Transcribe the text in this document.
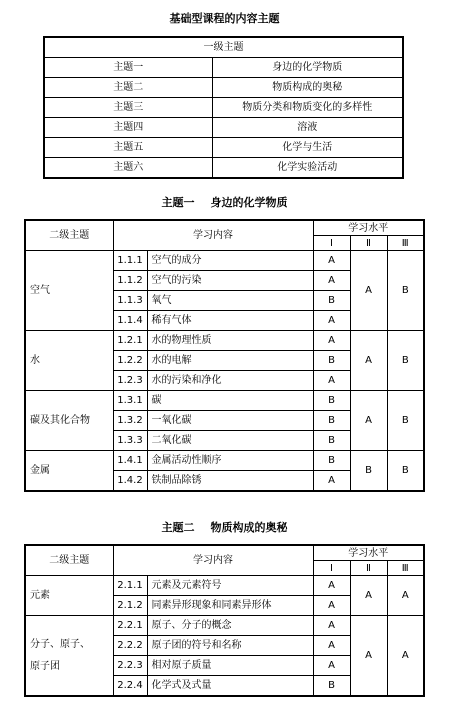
基础型课程的内容主题
一级主题	
主题一	身边的化学物质
主题二	物质构成的奥秘
主题三	物质分类和物质变化的多样性
主题四	溶液
主题五	化学与生活
主题六	化学实验活动
主题一 身边的化学物质
二级主题	学习内容		学习水平		
			Ⅰ	Ⅱ	Ⅲ
空气	1.1.1	空气的成分	A	A	B
	1.1.2	空气的污染	A		
	1.1.3	氧气	B		
	1.1.4	稀有气体	A		
水	1.2.1	水的物理性质	A	A	B
	1.2.2	水的电解	B		
	1.2.3	水的污染和净化	A		
碳及其化合物	1.3.1	碳	B	A	B
	1.3.2	一氧化碳	B		
	1.3.3	二氧化碳	B		
金属	1.4.1	金属活动性顺序	B	B	B
	1.4.2	铁制品除锈	A		
主题二 物质构成的奥秘
二级主题	学习内容		学习水平		
			Ⅰ	Ⅱ	Ⅲ
元素	2.1.1	元素及元素符号	A	A	A
	2.1.2	同素异形现象和同素异形体	A		

分子、原子、
原子团	2.2.1	原子、分子的概念	A	A	A
	2.2.2	原子团的符号和名称	A		
	2.2.3	相对原子质量	A		
	2.2.4	化学式及式量	B		
